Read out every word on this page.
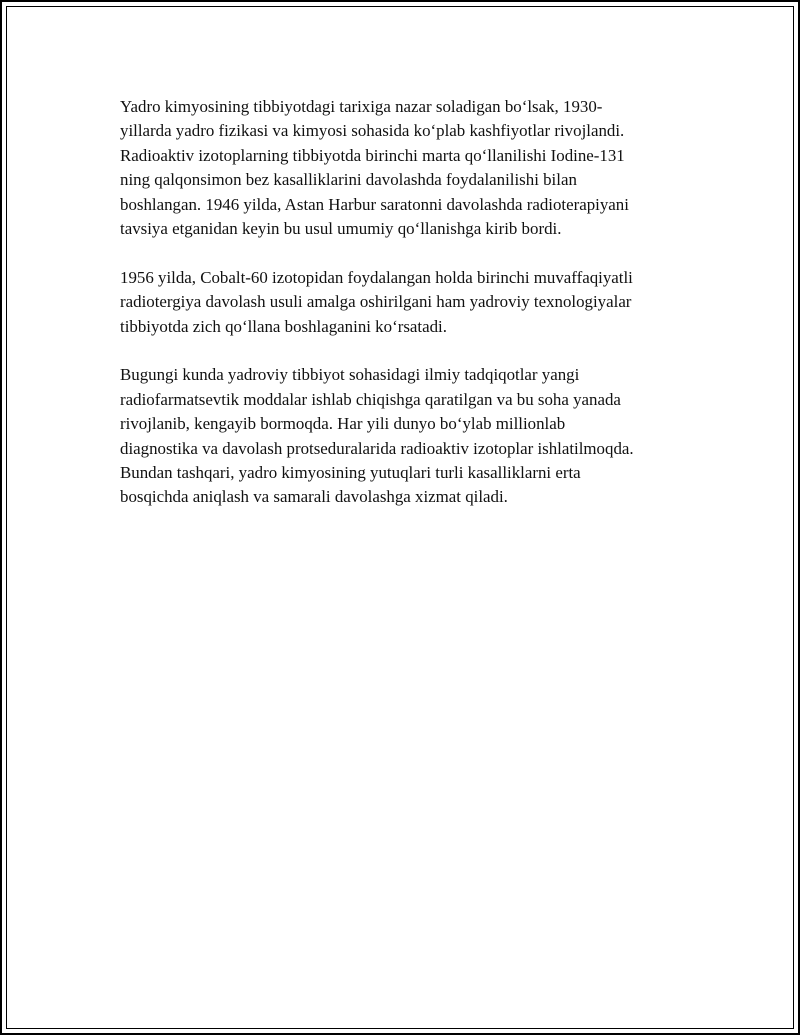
Yadro kimyosining tibbiyotdagi tarixiga nazar soladigan bo‘lsak, 1930-
yillarda yadro fizikasi va kimyosi sohasida ko‘plab kashfiyotlar rivojlandi.
Radioaktiv izotoplarning tibbiyotda birinchi marta qo‘llanilishi Iodine-131
ning qalqonsimon bez kasalliklarini davolashda foydalanilishi bilan
boshlangan. 1946 yilda, Astan Harbur saratonni davolashda radioterapiyani
tavsiya etganidan keyin bu usul umumiy qo‘llanishga kirib bordi.

1956 yilda, Cobalt-60 izotopidan foydalangan holda birinchi muvaffaqiyatli
radiotergiya davolash usuli amalga oshirilgani ham yadroviy texnologiyalar
tibbiyotda zich qo‘llana boshlaganini ko‘rsatadi.

Bugungi kunda yadroviy tibbiyot sohasidagi ilmiy tadqiqotlar yangi
radiofarmatsevtik moddalar ishlab chiqishga qaratilgan va bu soha yanada
rivojlanib, kengayib bormoqda. Har yili dunyo bo‘ylab millionlab
diagnostika va davolash protseduralarida radioaktiv izotoplar ishlatilmoqda.
Bundan tashqari, yadro kimyosining yutuqlari turli kasalliklarni erta
bosqichda aniqlash va samarali davolashga xizmat qiladi.
